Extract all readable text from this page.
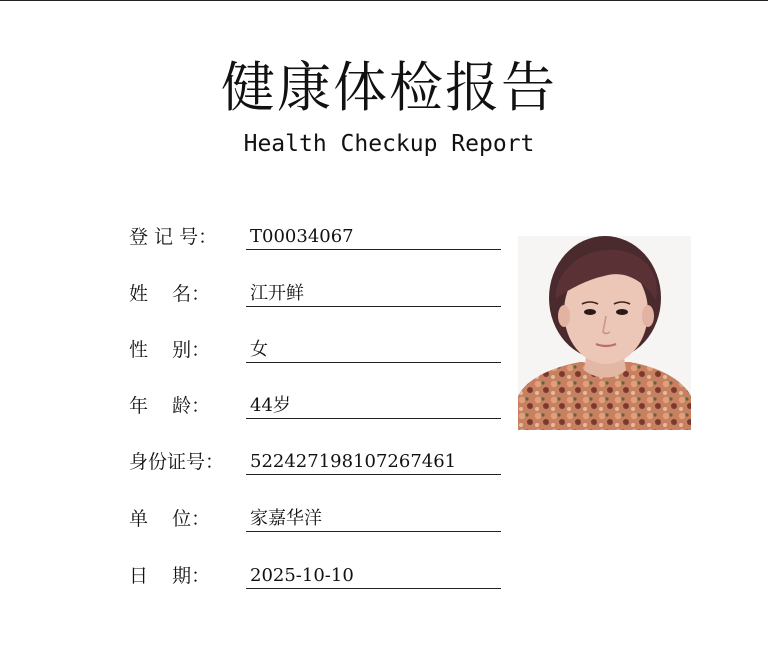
健康体检报告
Health Checkup Report
登 记 号：	T00034067
姓    名：	江开鲜
性    别：	女
年    龄：	44岁
身份证号：	522427198107267461
单    位：	家嘉华洋
日    期：	2025-10-10
